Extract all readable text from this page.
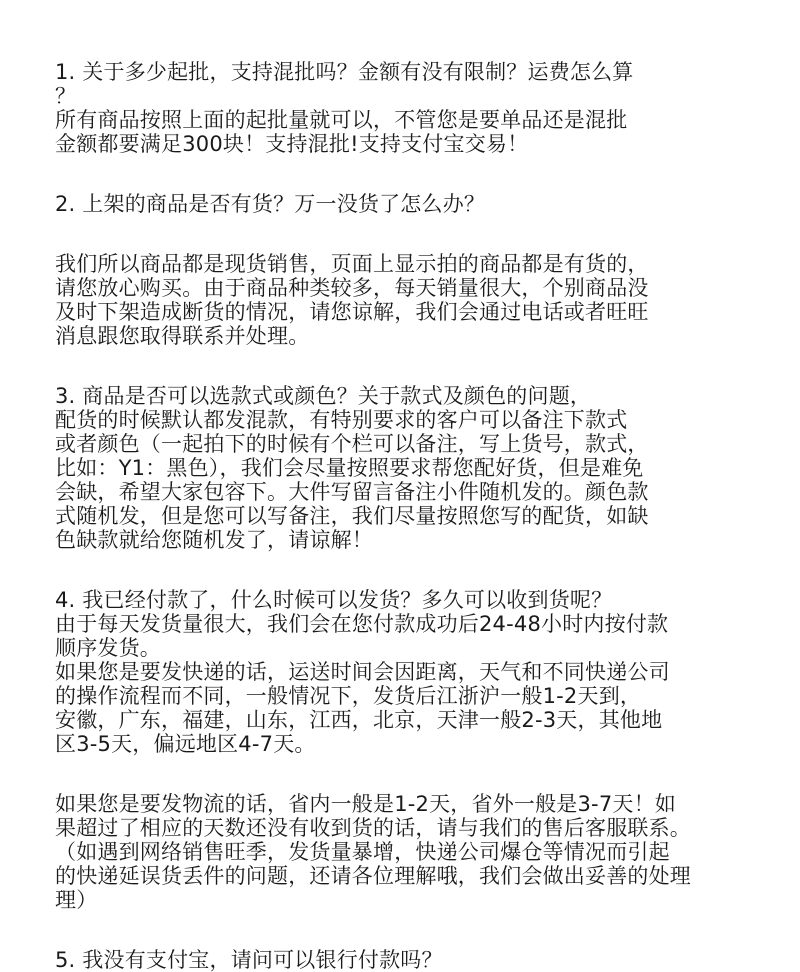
1. 关于多少起批，支持混批吗？金额有没有限制？运费怎么算
？
所有商品按照上面的起批量就可以，不管您是要单品还是混批
金额都要满足300块！支持混批!支持支付宝交易！
2. 上架的商品是否有货？万一没货了怎么办？
我们所以商品都是现货销售，页面上显示拍的商品都是有货的，
请您放心购买。由于商品种类较多，每天销量很大，个别商品没
及时下架造成断货的情况，请您谅解，我们会通过电话或者旺旺
消息跟您取得联系并处理。
3. 商品是否可以选款式或颜色？关于款式及颜色的问题，
配货的时候默认都发混款，有特别要求的客户可以备注下款式
或者颜色（一起拍下的时候有个栏可以备注，写上货号，款式，
比如：Y1：黑色），我们会尽量按照要求帮您配好货，但是难免
会缺，希望大家包容下。大件写留言备注小件随机发的。颜色款
式随机发，但是您可以写备注，我们尽量按照您写的配货，如缺
色缺款就给您随机发了，请谅解！
4. 我已经付款了，什么时候可以发货？多久可以收到货呢？
由于每天发货量很大，我们会在您付款成功后24-48小时内按付款
顺序发货。
如果您是要发快递的话，运送时间会因距离，天气和不同快递公司
的操作流程而不同，一般情况下，发货后江浙沪一般1-2天到，
安徽，广东，福建，山东，江西，北京，天津一般2-3天，其他地
区3-5天，偏远地区4-7天。
如果您是要发物流的话，省内一般是1-2天，省外一般是3-7天！如
果超过了相应的天数还没有收到货的话，请与我们的售后客服联系。
（如遇到网络销售旺季，发货量暴增，快递公司爆仓等情况而引起
的快递延误货丢件的问题，还请各位理解哦，我们会做出妥善的处理
理）
5. 我没有支付宝，请问可以银行付款吗？
